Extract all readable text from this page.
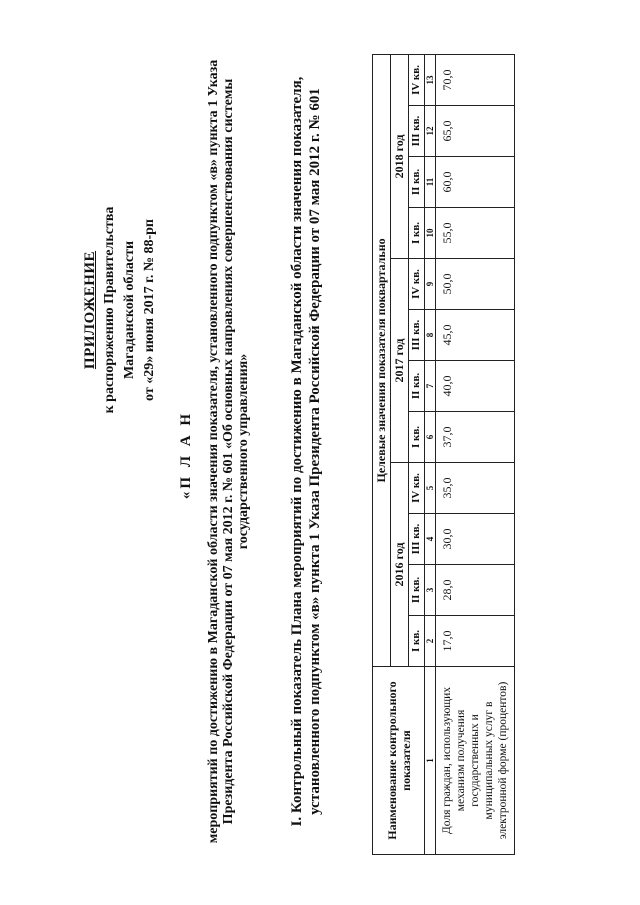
ПРИЛОЖЕНИЕ к распоряжению Правительства Магаданской области от «29» июня 2017 г. № 88-рп
«П Л А Н мероприятий по достижению в Магаданской области значения показателя, установленного подпунктом «в» пункта 1 Указа Президента Российской Федерации от 07 мая 2012 г. № 601 «Об основных направлениях совершенствования системы государственного управления»	I. Контрольный показатель Плана мероприятий по достижению в Магаданской области значения показателя, установленного подпунктом «в» пункта 1 Указа Президента Российской Федерации от 07 мая 2012 г. № 601	Наименование контрольного показателя	Целевые значения показателя поквартально											
	2016 год				2017 год				2018 год			
	I кв.	II кв.	III кв.	IV кв.	I кв.	II кв.	III кв.	IV кв.	I кв.	II кв.	III кв.	IV кв.
1	2	3	4	5	6	7	8	9	10	11	12	13
Доля граждан, использующих механизм получения государственных и муниципальных услуг в электронной форме (процентов)	17,0	28,0	30,0	35,0	37,0	40,0	45,0	50,0	55,0	60,0	65,0	70,0
